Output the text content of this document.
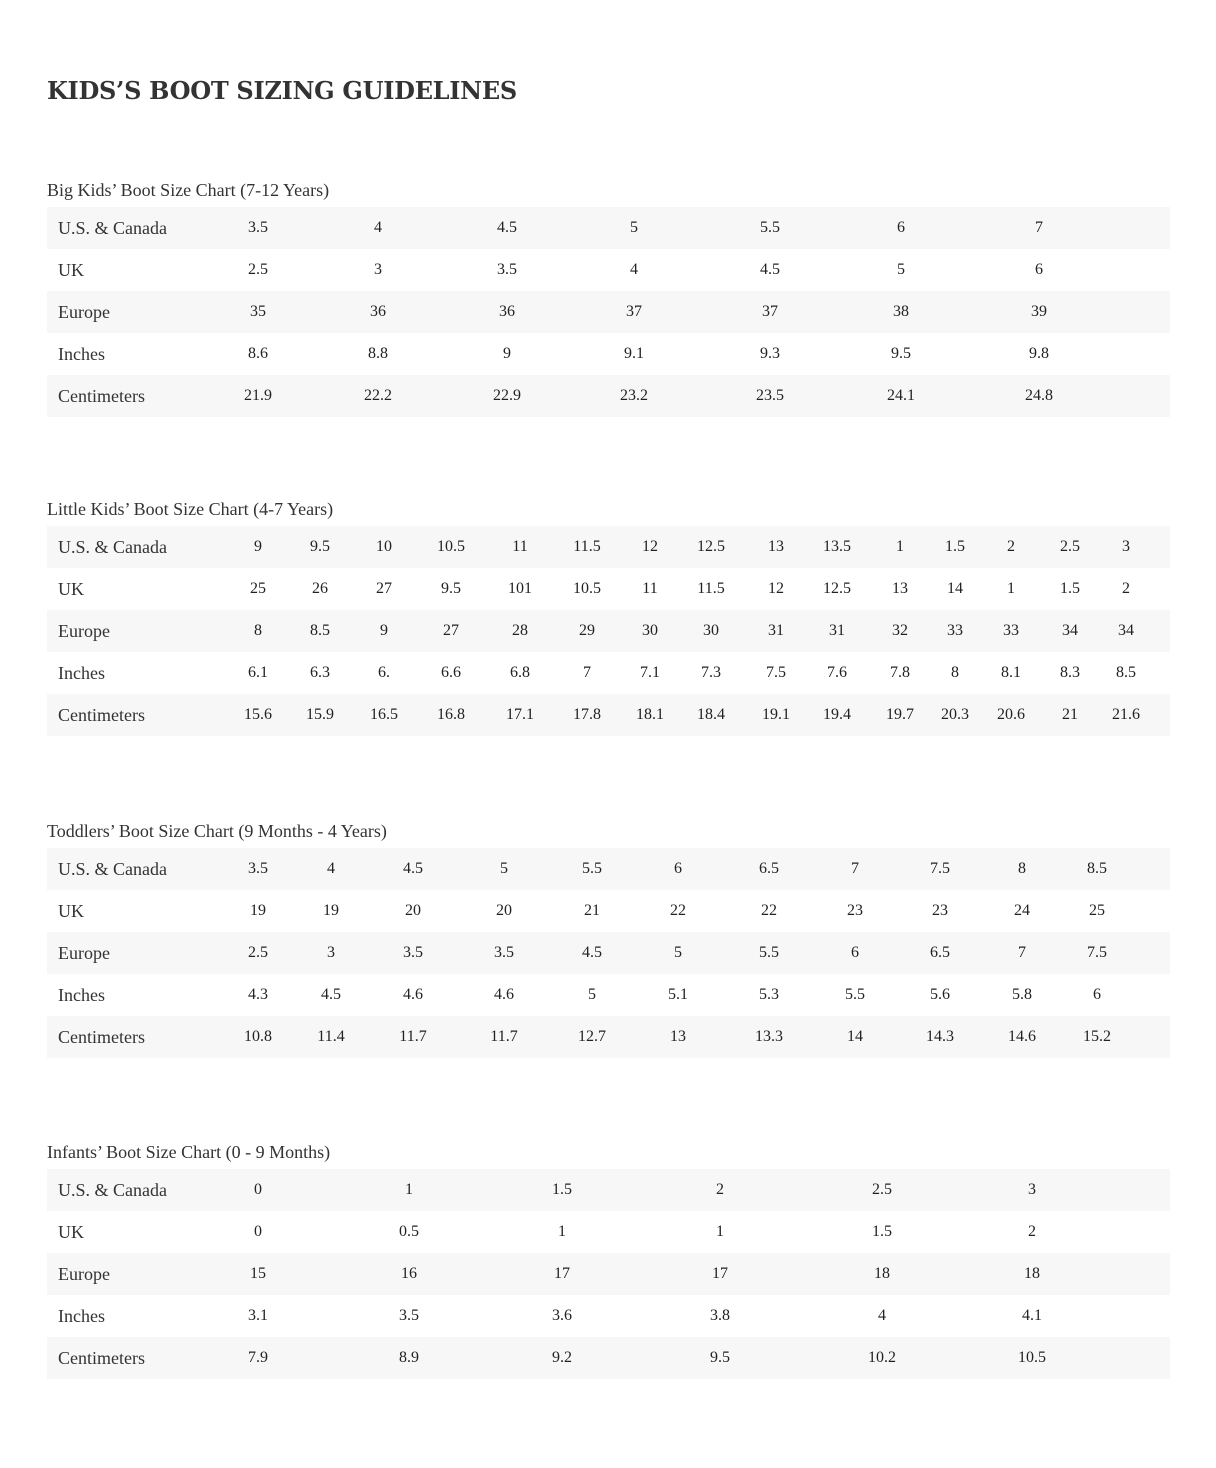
KIDS’S BOOT SIZING GUIDELINES
Big Kids’ Boot Size Chart (7-12 Years)
U.S. & Canada	3.5	4	4.5	5	5.5	6	7
UK	2.5	3	3.5	4	4.5	5	6
Europe	35	36	36	37	37	38	39
Inches	8.6	8.8	9	9.1	9.3	9.5	9.8
Centimeters	21.9	22.2	22.9	23.2	23.5	24.1	24.8
Little Kids’ Boot Size Chart (4-7 Years)
U.S. & Canada	9	9.5	10	10.5	11	11.5	12	12.5	13	13.5	1	1.5	2	2.5	3
UK	25	26	27	9.5	101	10.5	11	11.5	12	12.5	13	14	1	1.5	2
Europe	8	8.5	9	27	28	29	30	30	31	31	32	33	33	34	34
Inches	6.1	6.3	6.	6.6	6.8	7	7.1	7.3	7.5	7.6	7.8	8	8.1	8.3	8.5
Centimeters	15.6	15.9	16.5	16.8	17.1	17.8	18.1	18.4	19.1	19.4	19.7	20.3	20.6	21	21.6
Toddlers’ Boot Size Chart (9 Months - 4 Years)
U.S. & Canada	3.5	4	4.5	5	5.5	6	6.5	7	7.5	8	8.5
UK	19	19	20	20	21	22	22	23	23	24	25
Europe	2.5	3	3.5	3.5	4.5	5	5.5	6	6.5	7	7.5
Inches	4.3	4.5	4.6	4.6	5	5.1	5.3	5.5	5.6	5.8	6
Centimeters	10.8	11.4	11.7	11.7	12.7	13	13.3	14	14.3	14.6	15.2
Infants’ Boot Size Chart (0 - 9 Months)
U.S. & Canada	0	1	1.5	2	2.5	3
UK	0	0.5	1	1	1.5	2
Europe	15	16	17	17	18	18
Inches	3.1	3.5	3.6	3.8	4	4.1
Centimeters	7.9	8.9	9.2	9.5	10.2	10.5
